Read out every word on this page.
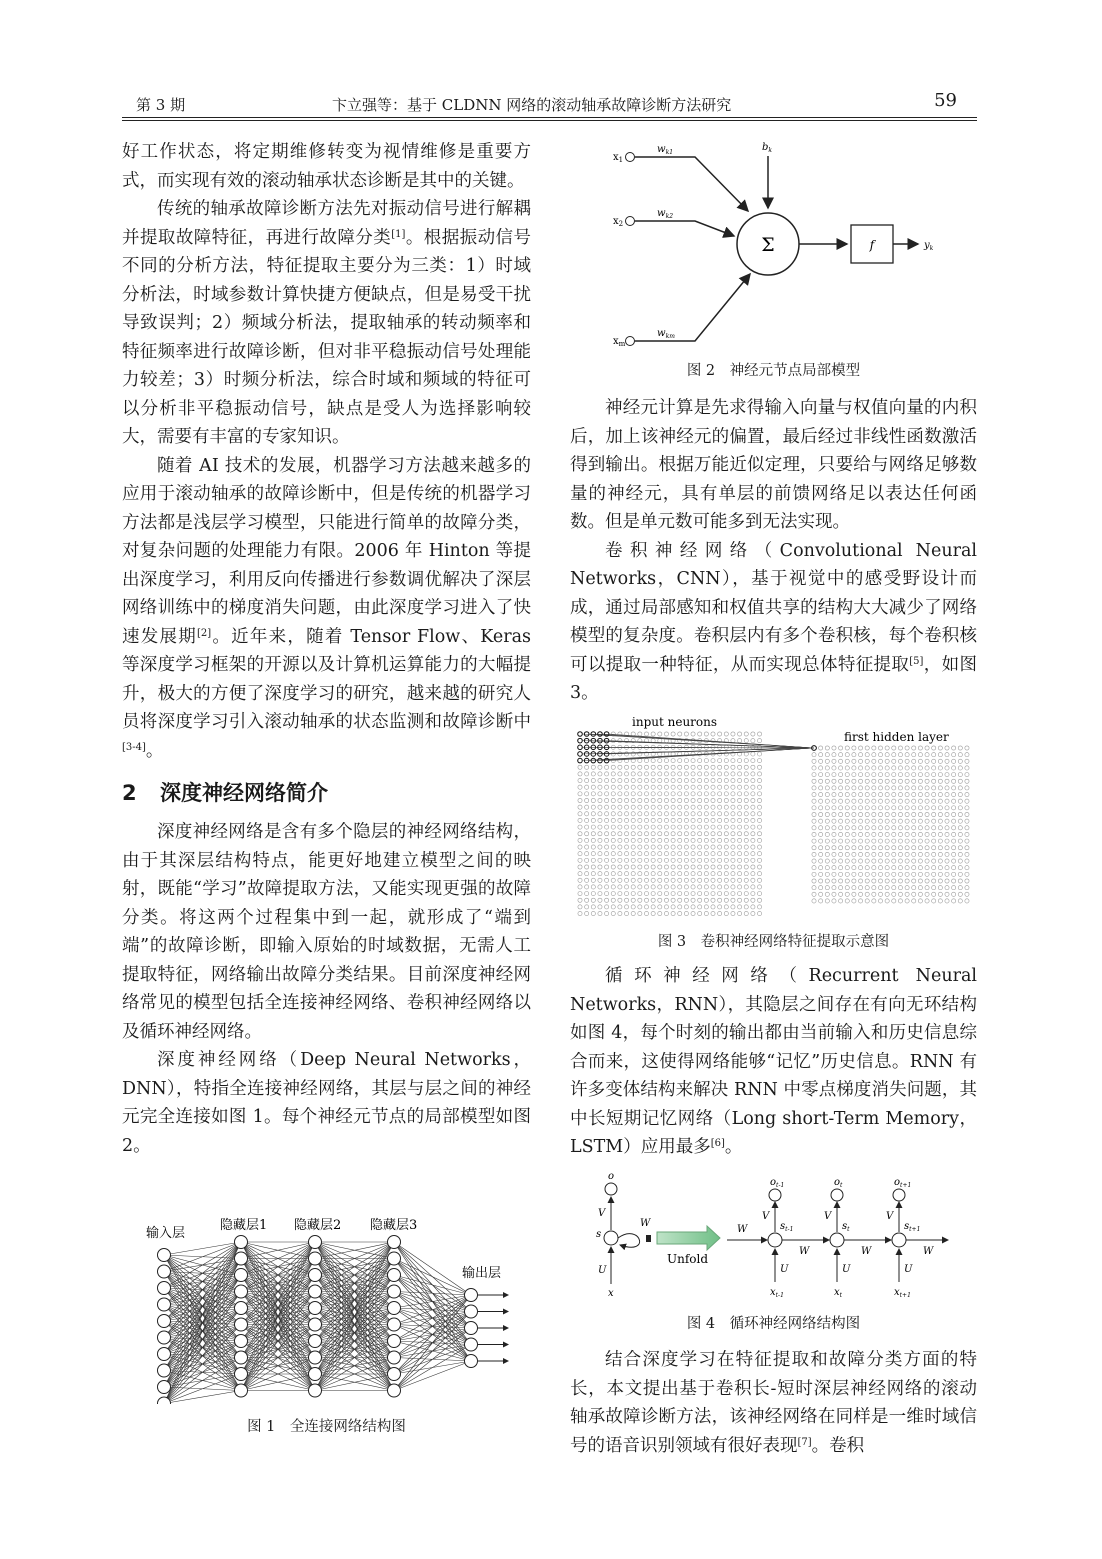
第 3 期	卞立强等：基于 CLDNN 网络的滚动轴承故障诊断方法研究	59

好工作状态，将定期维修转变为视情维修是重要方式，而实现有效的滚动轴承状态诊断是其中的关键。

传统的轴承故障诊断方法先对振动信号进行解耦并提取故障特征，再进行故障分类[1]。根据振动信号不同的分析方法，特征提取主要分为三类：1）时域分析法，时域参数计算快捷方便缺点，但是易受干扰导致误判；2）频域分析法，提取轴承的转动频率和特征频率进行故障诊断，但对非平稳振动信号处理能力较差；3）时频分析法，综合时域和频域的特征可以分析非平稳振动信号，缺点是受人为选择影响较大，需要有丰富的专家知识。

随着 AI 技术的发展，机器学习方法越来越多的应用于滚动轴承的故障诊断中，但是传统的机器学习方法都是浅层学习模型，只能进行简单的故障分类，对复杂问题的处理能力有限。2006 年 Hinton 等提出深度学习，利用反向传播进行参数调优解决了深层网络训练中的梯度消失问题，由此深度学习进入了快速发展期[2]。近年来，随着 Tensor Flow、Keras 等深度学习框架的开源以及计算机运算能力的大幅提升，极大的方便了深度学习的研究，越来越的研究人员将深度学习引入滚动轴承的状态监测和故障诊断中[3-4]。

2 深度神经网络简介

深度神经网络是含有多个隐层的神经网络结构，由于其深层结构特点，能更好地建立模型之间的映射，既能“学习”故障提取方法，又能实现更强的故障分类。将这两个过程集中到一起，就形成了“端到端”的故障诊断，即输入原始的时域数据，无需人工提取特征，网络输出故障分类结果。目前深度神经网络常见的模型包括全连接神经网络、卷积神经网络以及循环神经网络。

深度神经网络（Deep Neural Networks，DNN），特指全连接神经网络，其层与层之间的神经元完全连接如图 1。每个神经元节点的局部模型如图 2。

输入层
隐藏层1 隐藏层2 隐藏层3
输出层
图 1　全连接网络结构图
$x_1$
$x_2$
$x_m$
$w_{k1}$
$w_{k2}$
$w_{km}$
$b_k$
Σ	f	$y_k$
图 2　神经元节点局部模型

神经元计算是先求得输入向量与权值向量的内积后，加上该神经元的偏置，最后经过非线性函数激活得到输出。根据万能近似定理，只要给与网络足够数量的神经元，具有单层的前馈网络足以表达任何函数。但是单元数可能多到无法实现。

卷积神经网络（Convolutional Neural Networks，CNN），基于视觉中的感受野设计而成，通过局部感知和权值共享的结构大大减少了网络模型的复杂度。卷积层内有多个卷积核，每个卷积核可以提取一种特征，从而实现总体特征提取[5]，如图 3。

input neurons
first hidden layer
图 3　卷积神经网络特征提取示意图

循环神经网络（Recurrent Neural Networks，RNN），其隐层之间存在有向无环结构如图 4，每个时刻的输出都由当前输入和历史信息综合而来，这使得网络能够“记忆”历史信息。RNN 有许多变体结构来解决 RNN 中零点梯度消失问题，其中长短期记忆网络（Long short-Term Memory，LSTM）应用最多[6]。

o
V
s
W
U
x
Unfold
W
W	W	W
$o_{t-1}$	$o_t$	$o_{t+1}$
V	V	V
$s_{t-1}$	$s_t$	$s_{t+1}$
U	U	U
$x_{t-1}$	$x_t$	$x_{t+1}$
图 4　循环神经网络结构图

结合深度学习在特征提取和故障分类方面的特长，本文提出基于卷积长-短时深层神经网络的滚动轴承故障诊断方法，该神经网络在同样是一维时域信号的语音识别领域有很好表现[7]。卷积
